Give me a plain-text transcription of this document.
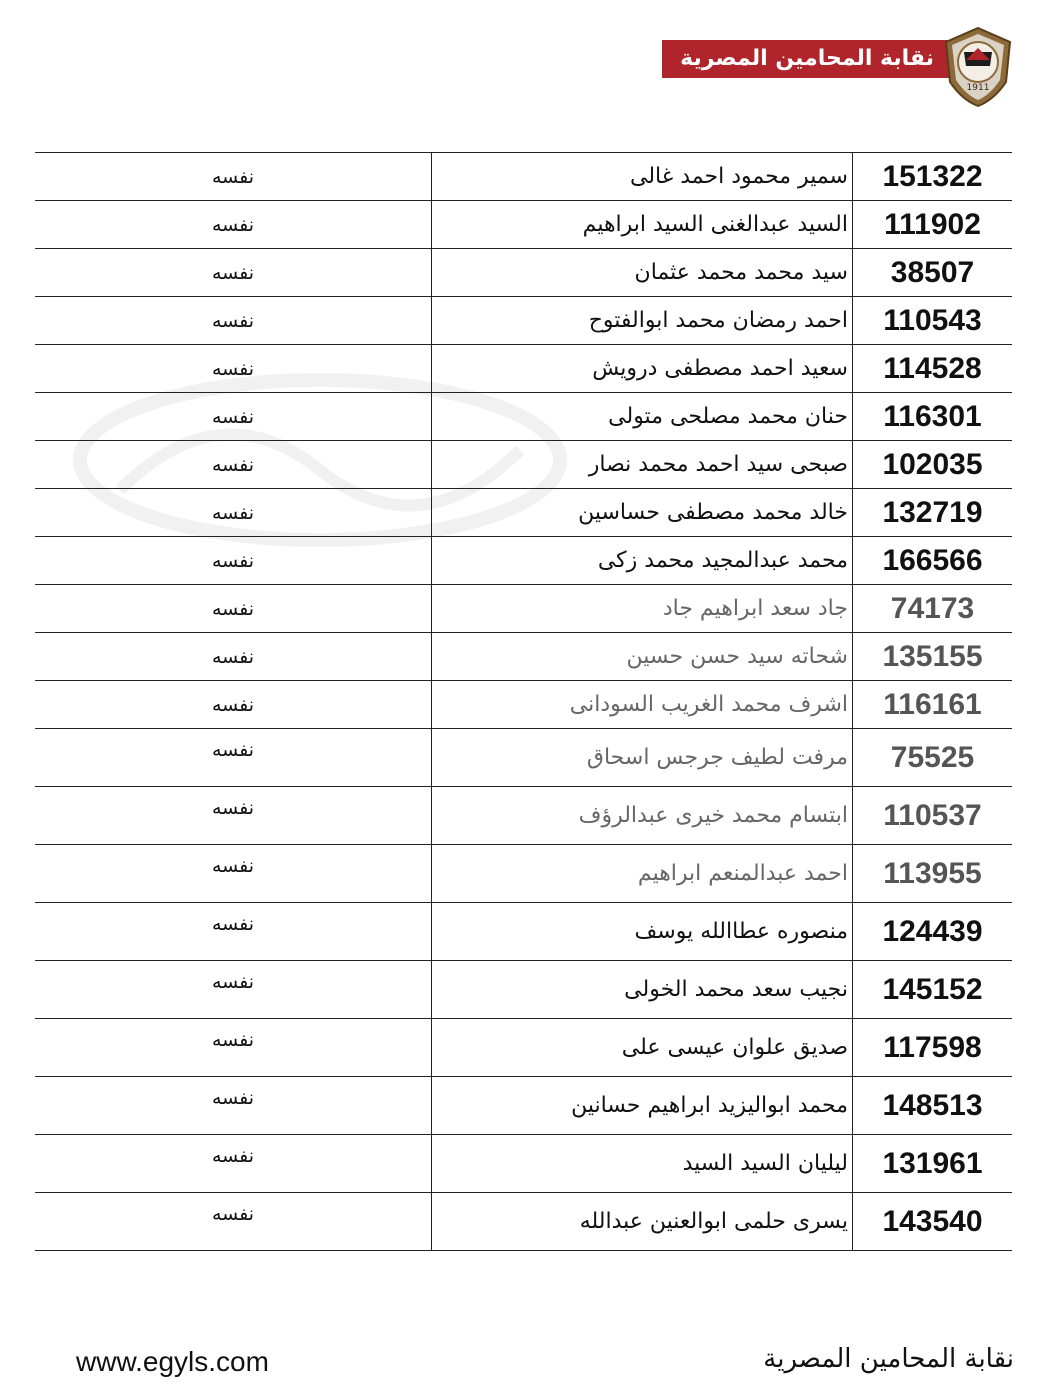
نقابة المحامين المصرية
1911
نفسه	سمير محمود احمد غالى	151322
نفسه	السيد عبدالغنى السيد ابراهيم	111902
نفسه	سيد محمد محمد عثمان	38507
نفسه	احمد رمضان محمد ابوالفتوح	110543
نفسه	سعيد احمد مصطفى درويش	114528
نفسه	حنان محمد مصلحى متولى	116301
نفسه	صبحى سيد احمد محمد نصار	102035
نفسه	خالد محمد مصطفى حساسين	132719
نفسه	محمد عبدالمجيد محمد زكى	166566
نفسه	جاد سعد ابراهيم جاد	74173
نفسه	شحاته سيد حسن حسين	135155
نفسه	اشرف محمد الغريب السودانى	116161
نفسه	مرفت لطيف جرجس اسحاق	75525
نفسه	ابتسام محمد خيرى عبدالرؤف	110537
نفسه	احمد عبدالمنعم ابراهيم	113955
نفسه	منصوره عطاالله يوسف	124439
نفسه	نجيب سعد محمد الخولى	145152
نفسه	صديق علوان عيسى على	117598
نفسه	محمد ابواليزيد ابراهيم حسانين	148513
نفسه	ليليان السيد السيد	131961
نفسه	يسرى حلمى ابوالعنين عبدالله	143540
www.egyls.com	نقابة المحامين المصرية
